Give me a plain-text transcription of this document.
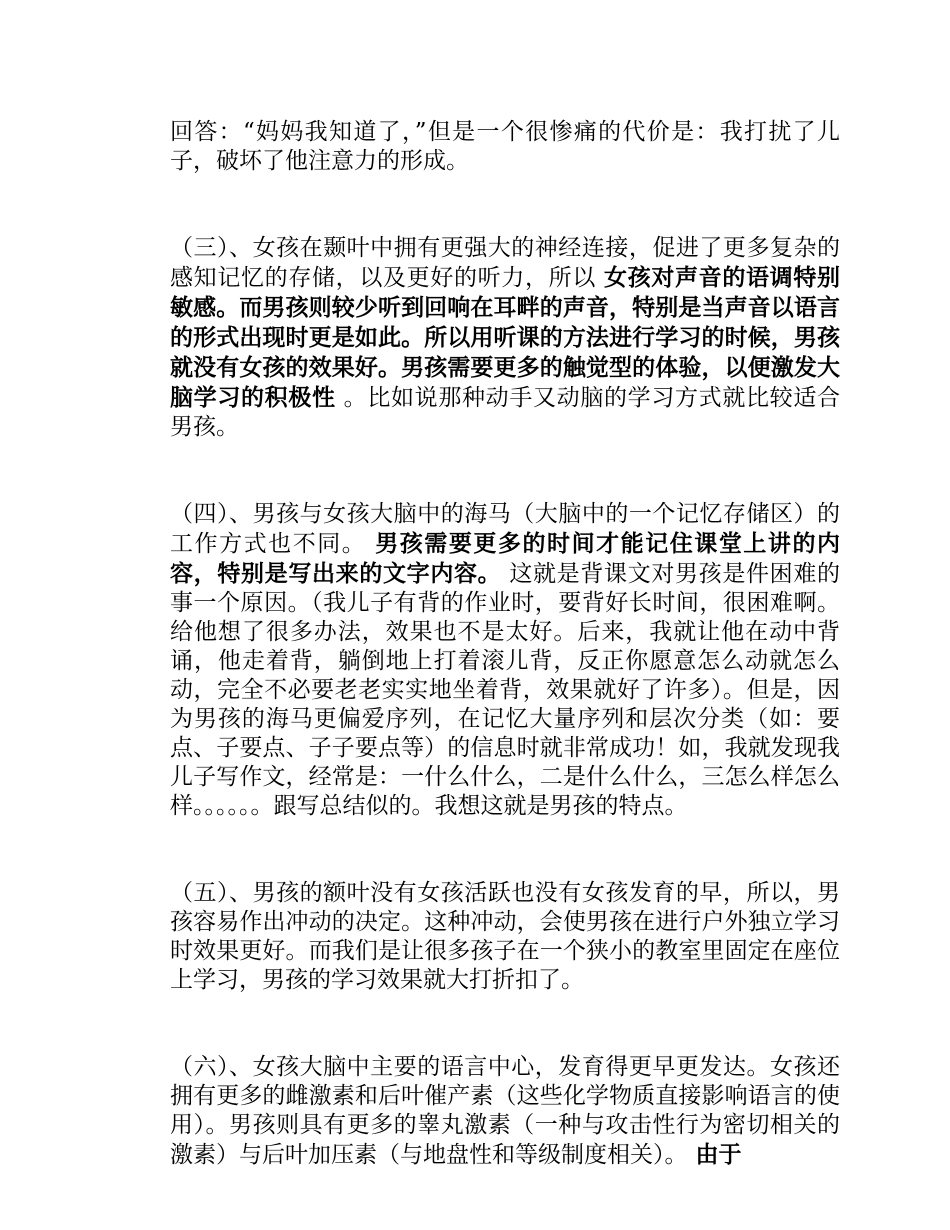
回答：“妈妈我知道了，”但是一个很惨痛的代价是：我打扰了儿子，破坏了他注意力的形成。

（三）、女孩在颞叶中拥有更强大的神经连接，促进了更多复杂的感知记忆的存储，以及更好的听力，所以 女孩对声音的语调特别敏感。而男孩则较少听到回响在耳畔的声音，特别是当声音以语言的形式出现时更是如此。所以用听课的方法进行学习的时候，男孩就没有女孩的效果好。男孩需要更多的触觉型的体验，以便激发大脑学习的积极性 。比如说那种动手又动脑的学习方式就比较适合男孩。

（四）、男孩与女孩大脑中的海马（大脑中的一个记忆存储区）的工作方式也不同。 男孩需要更多的时间才能记住课堂上讲的内容，特别是写出来的文字内容。 这就是背课文对男孩是件困难的事一个原因。（我儿子有背的作业时，要背好长时间，很困难啊。给他想了很多办法，效果也不是太好。后来，我就让他在动中背诵，他走着背，躺倒地上打着滚儿背，反正你愿意怎么动就怎么动，完全不必要老老实实地坐着背，效果就好了许多）。但是，因为男孩的海马更偏爱序列，在记忆大量序列和层次分类（如：要点、子要点、子子要点等）的信息时就非常成功！如，我就发现我儿子写作文，经常是：一什么什么，二是什么什么，三怎么样怎么样。。。。。。跟写总结似的。我想这就是男孩的特点。

（五）、男孩的额叶没有女孩活跃也没有女孩发育的早，所以，男孩容易作出冲动的决定。这种冲动，会使男孩在进行户外独立学习时效果更好。而我们是让很多孩子在一个狭小的教室里固定在座位上学习，男孩的学习效果就大打折扣了。

（六）、女孩大脑中主要的语言中心，发育得更早更发达。女孩还拥有更多的雌激素和后叶催产素（这些化学物质直接影响语言的使用）。男孩则具有更多的睾丸激素（一种与攻击性行为密切相关的激素）与后叶加压素（与地盘性和等级制度相关）。 由于
